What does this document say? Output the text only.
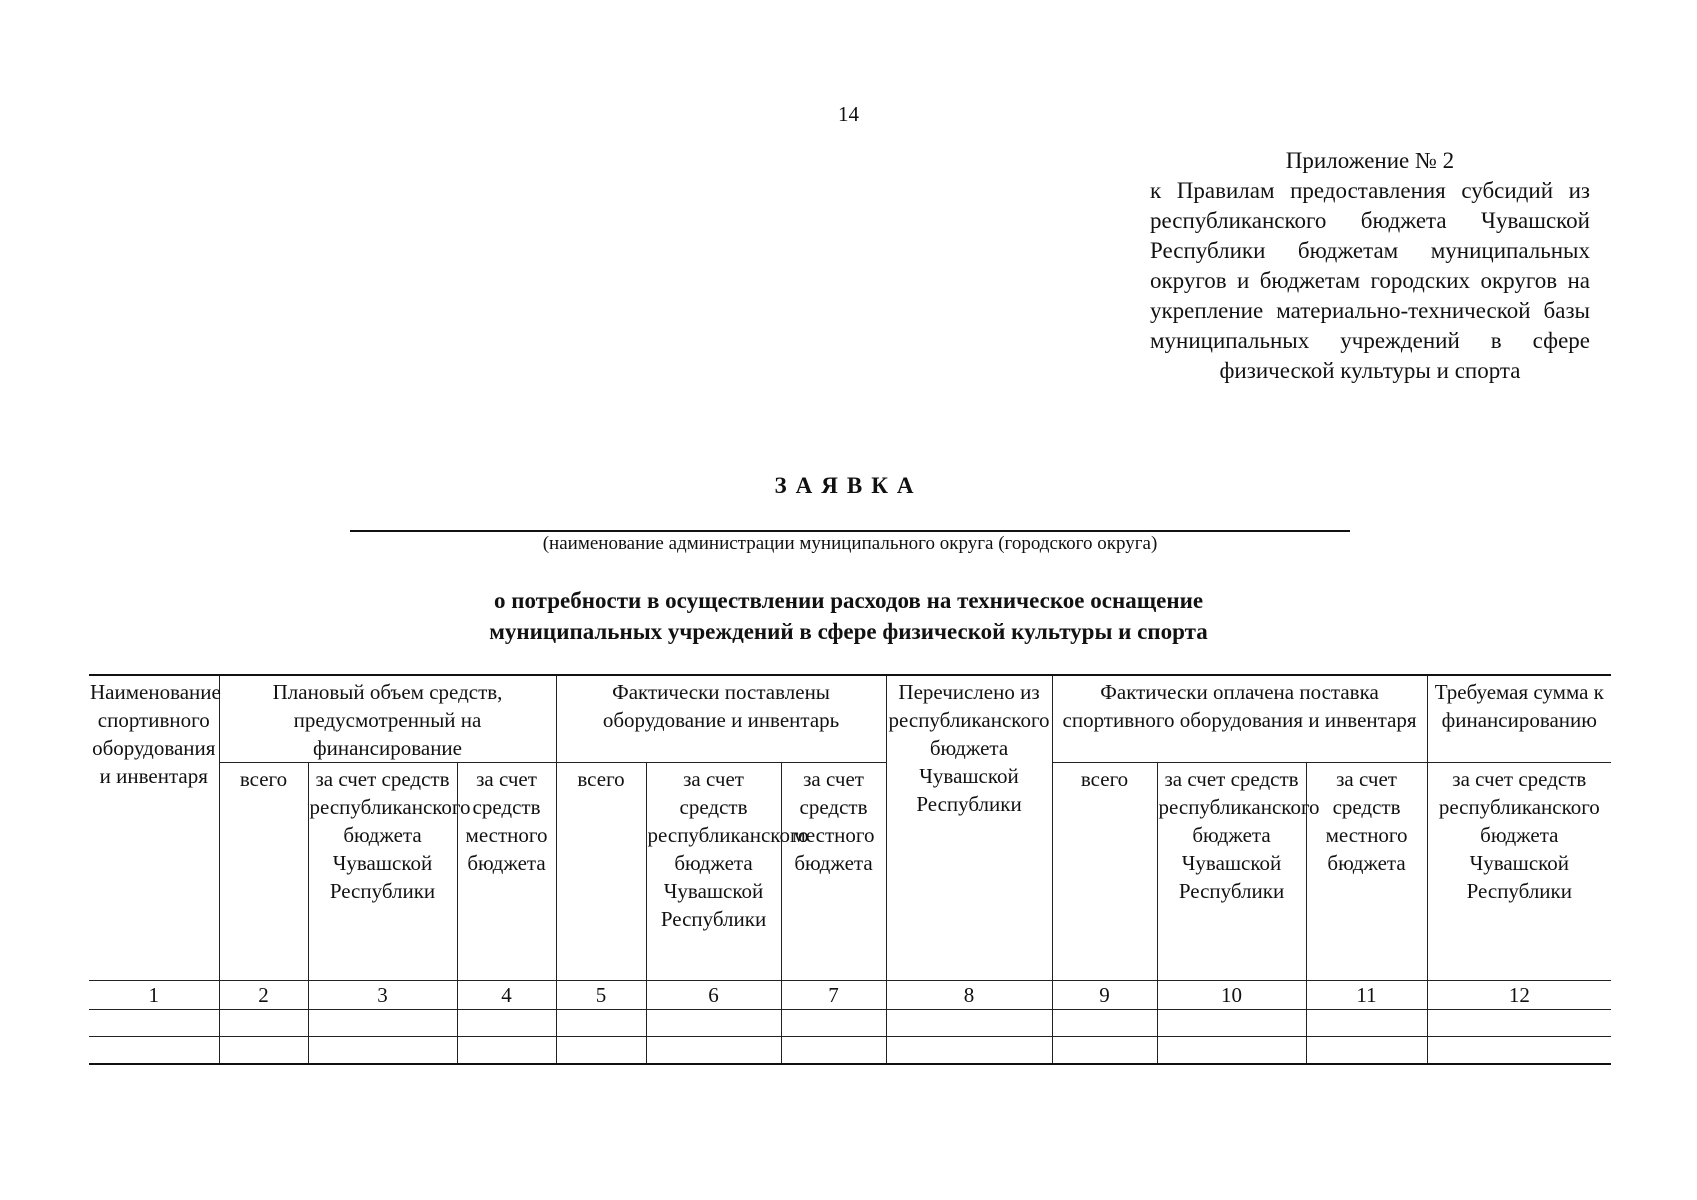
14
Приложение № 2
к Правилам предоставления субсидий из республиканского бюджета Чувашской Республики бюджетам муниципальных округов и бюджетам городских округов на укрепление материально-технической базы муниципальных учреждений в сфере физической культуры и спорта
ЗАЯВКА
(наименование администрации муниципального округа (городского округа)
о потребности в осуществлении расходов на техническое оснащение
муниципальных учреждений в сфере физической культуры и спорта
Наименование спортивного оборудования и инвентаря	Плановый объем средств, предусмотренный на финансирование			Фактически поставлены оборудование и инвентарь			Перечислено из республиканского бюджета Чувашской Республики	Фактически оплачена поставка спортивного оборудования и инвентаря			Требуемая сумма к финансированию
	всего	за счет средств республиканского бюджета Чувашской Республики	за счет средств местного бюджета	всего	за счет средств республиканского бюджета Чувашской Республики	за счет средств местного бюджета		всего	за счет средств республиканского бюджета Чувашской Республики	за счет средств местного бюджета	за счет средств республиканского бюджета Чувашской Республики
1	2	3	4	5	6	7	8	9	10	11	12
